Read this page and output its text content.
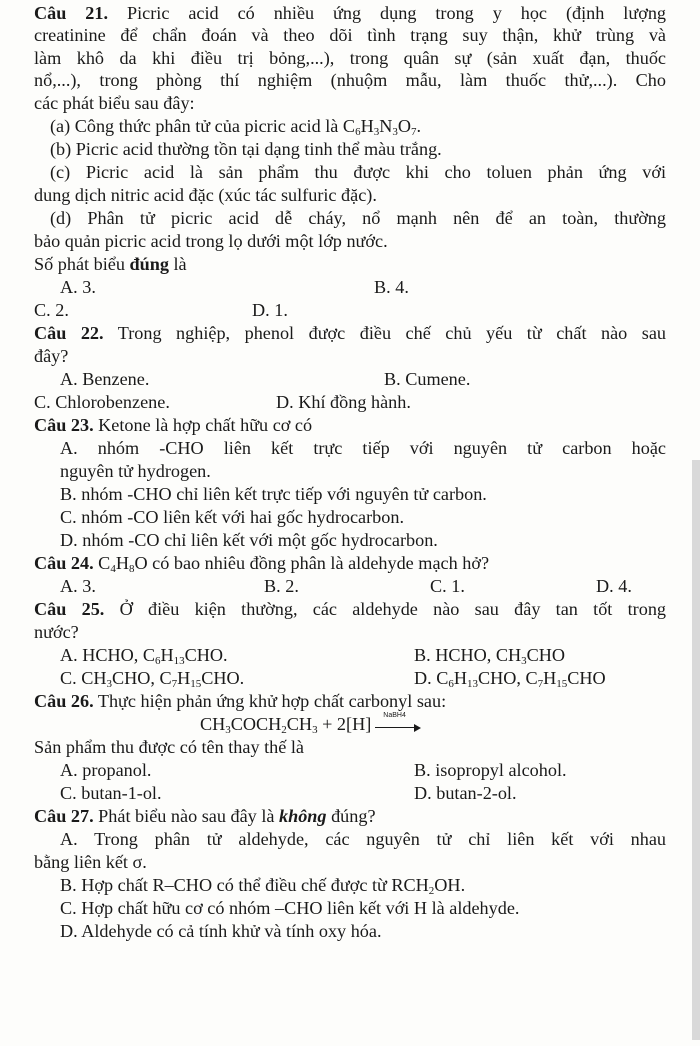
Câu 21. Picric acid có nhiều ứng dụng trong y học (định lượng
creatinine để chẩn đoán và theo dõi tình trạng suy thận, khử trùng và
làm khô da khi điều trị bỏng,...), trong quân sự (sản xuất đạn, thuốc
nổ,...), trong phòng thí nghiệm (nhuộm mẫu, làm thuốc thử,...). Cho
các phát biểu sau đây:
(a) Công thức phân tử của picric acid là $C_6H_3N_3O_7$.
(b) Picric acid thường tồn tại dạng tinh thể màu trắng.
(c) Picric acid là sản phẩm thu được khi cho toluen phản ứng với
dung dịch nitric acid đặc (xúc tác sulfuric đặc).
(d) Phân tử picric acid dễ cháy, nổ mạnh nên để an toàn, thường
bảo quản picric acid trong lọ dưới một lớp nước.
Số phát biểu đúng là
A. 3.	B. 4.
C. 2.	D. 1.
Câu 22. Trong nghiệp, phenol được điều chế chủ yếu từ chất nào sau
đây?
A. Benzene.	B. Cumene.
C. Chlorobenzene.	D. Khí đồng hành.
Câu 23. Ketone là hợp chất hữu cơ có
A. nhóm -CHO liên kết trực tiếp với nguyên tử carbon hoặc
nguyên tử hydrogen.
B. nhóm -CHO chỉ liên kết trực tiếp với nguyên tử carbon.
C. nhóm -CO liên kết với hai gốc hydrocarbon.
D. nhóm -CO chỉ liên kết với một gốc hydrocarbon.
Câu 24. $C_4H_8O$ có bao nhiêu đồng phân là aldehyde mạch hở?
A. 3.	B. 2.	C. 1.	D. 4.
Câu 25. Ở điều kiện thường, các aldehyde nào sau đây tan tốt trong
nước?
A. HCHO, $C_6H_{13}CHO$.	B. HCHO, $CH_3CHO$
C. $CH_3CHO$, $C_7H_{15}CHO$.	D. $C_6H_{13}CHO$, $C_7H_{15}CHO$
Câu 26. Thực hiện phản ứng khử hợp chất carbonyl sau:
$CH_3COCH_2CH_3 + 2[H]$ NaBH4
Sản phẩm thu được có tên thay thế là
A. propanol.	B. isopropyl alcohol.
C. butan-1-ol.	D. butan-2-ol.
Câu 27. Phát biểu nào sau đây là không đúng?
A. Trong phân tử aldehyde, các nguyên tử chỉ liên kết với nhau
bằng liên kết σ.
B. Hợp chất R–CHO có thể điều chế được từ $RCH_2OH$.
C. Hợp chất hữu cơ có nhóm –CHO liên kết với H là aldehyde.
D. Aldehyde có cả tính khử và tính oxy hóa.
